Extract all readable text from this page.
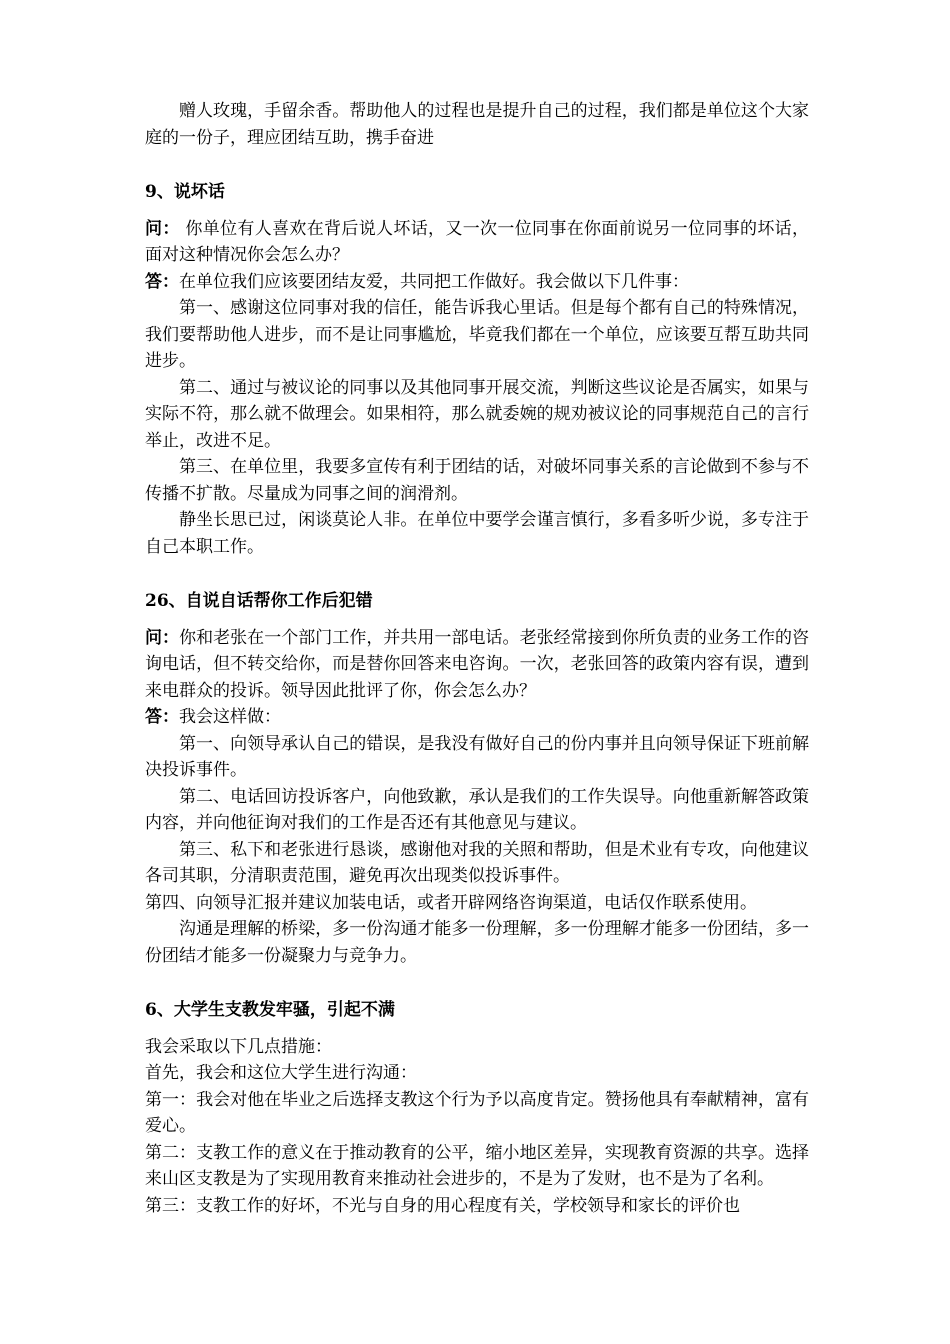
赠人玫瑰，手留余香。帮助他人的过程也是提升自己的过程，我们都是单位这个大家庭的一份子，理应团结互助，携手奋进

9、说坏话

问： 你单位有人喜欢在背后说人坏话，又一次一位同事在你面前说另一位同事的坏话，面对这种情况你会怎么办？

答：在单位我们应该要团结友爱，共同把工作做好。我会做以下几件事：

第一、感谢这位同事对我的信任，能告诉我心里话。但是每个都有自己的特殊情况，我们要帮助他人进步，而不是让同事尴尬，毕竟我们都在一个单位，应该要互帮互助共同进步。

第二、通过与被议论的同事以及其他同事开展交流，判断这些议论是否属实，如果与实际不符，那么就不做理会。如果相符，那么就委婉的规劝被议论的同事规范自己的言行举止，改进不足。

第三、在单位里，我要多宣传有利于团结的话，对破坏同事关系的言论做到不参与不传播不扩散。尽量成为同事之间的润滑剂。

静坐长思已过，闲谈莫论人非。在单位中要学会谨言慎行，多看多听少说，多专注于自己本职工作。

26、自说自话帮你工作后犯错

问：你和老张在一个部门工作，并共用一部电话。老张经常接到你所负责的业务工作的咨询电话，但不转交给你，而是替你回答来电咨询。一次，老张回答的政策内容有误，遭到来电群众的投诉。领导因此批评了你，你会怎么办？

答：我会这样做：

第一、向领导承认自己的错误，是我没有做好自己的份内事并且向领导保证下班前解决投诉事件。

第二、电话回访投诉客户，向他致歉，承认是我们的工作失误导。向他重新解答政策内容，并向他征询对我们的工作是否还有其他意见与建议。

第三、私下和老张进行恳谈，感谢他对我的关照和帮助，但是术业有专攻，向他建议各司其职，分清职责范围，避免再次出现类似投诉事件。

第四、向领导汇报并建议加装电话，或者开辟网络咨询渠道，电话仅作联系使用。

沟通是理解的桥梁，多一份沟通才能多一份理解，多一份理解才能多一份团结，多一份团结才能多一份凝聚力与竞争力。

6、大学生支教发牢骚，引起不满

我会采取以下几点措施：

首先，我会和这位大学生进行沟通：

第一：我会对他在毕业之后选择支教这个行为予以高度肯定。赞扬他具有奉献精神，富有爱心。

第二：支教工作的意义在于推动教育的公平，缩小地区差异，实现教育资源的共享。选择来山区支教是为了实现用教育来推动社会进步的，不是为了发财，也不是为了名利。

第三：支教工作的好坏，不光与自身的用心程度有关，学校领导和家长的评价也
